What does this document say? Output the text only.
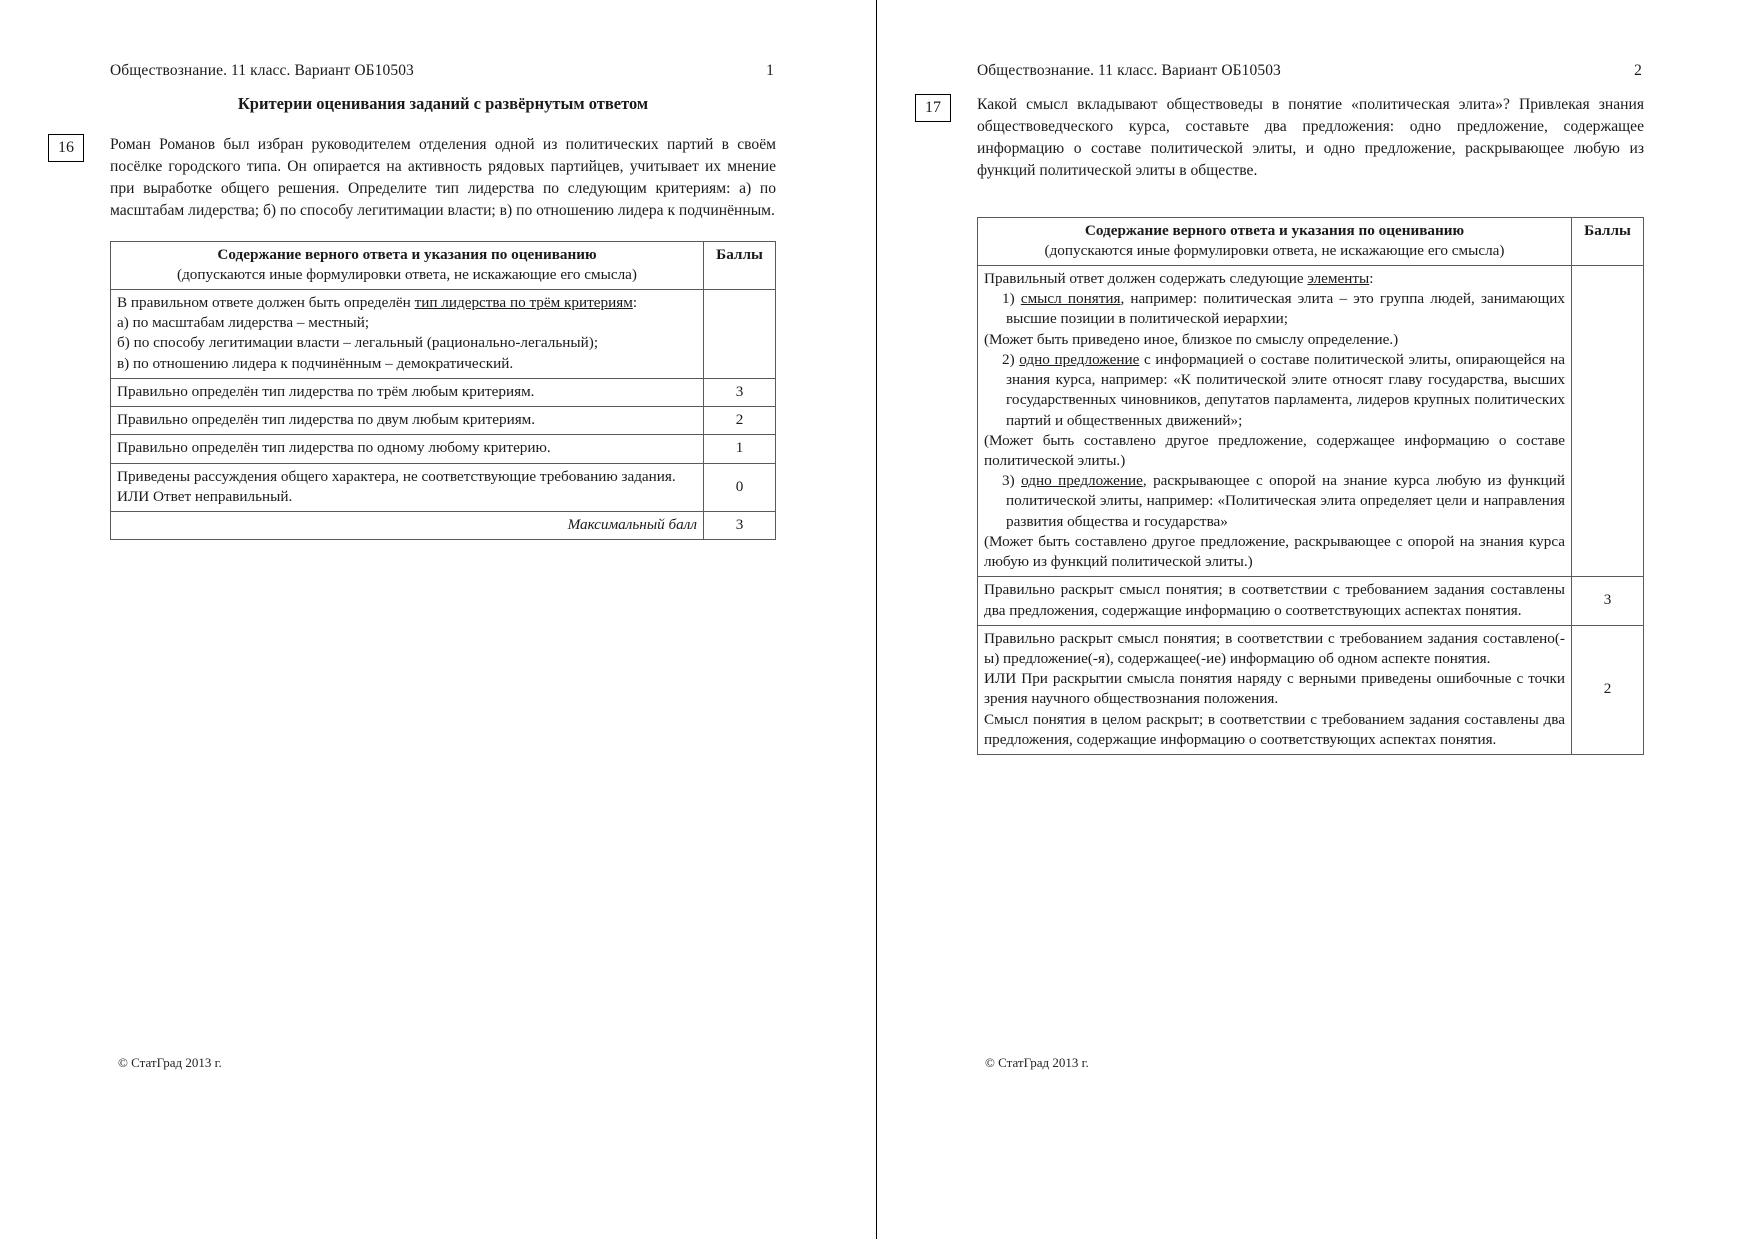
Обществознание. 11 класс. Вариант ОБ10503	1
Критерии оценивания заданий с развёрнутым ответом
16	Роман Романов был избран руководителем отделения одной из политических партий в своём посёлке городского типа. Он опирается на активность рядовых партийцев, учитывает их мнение при выработке общего решения. Определите тип лидерства по следующим критериям: а) по масштабам лидерства; б) по способу легитимации власти; в) по отношению лидера к подчинённым.

Содержание верного ответа и указания по оцениванию
(допускаются иные формулировки ответа, не искажающие его смысла)	Баллы

В правильном ответе должен быть определён тип лидерства по трём критериям:
а) по масштабам лидерства – местный;
б) по способу легитимации власти – легальный (рационально-легальный);
в) по отношению лидера к подчинённым – демократический.	

Правильно определён тип лидерства по трём любым критериям.	3
Правильно определён тип лидерства по двум любым критериям.	2
Правильно определён тип лидерства по одному любому критерию.	1

Приведены рассуждения общего характера, не соответствующие требованию задания.
ИЛИ Ответ неправильный.	0
Максимальный балл	3
© СтатГрад 2013 г.
Обществознание. 11 класс. Вариант ОБ10503	2
17	Какой смысл вкладывают обществоведы в понятие «политическая элита»? Привлекая знания обществоведческого курса, составьте два предложения: одно предложение, содержащее информацию о составе политической элиты, и одно предложение, раскрывающее любую из функций политической элиты в обществе.

Содержание верного ответа и указания по оцениванию
(допускаются иные формулировки ответа, не искажающие его смысла)	Баллы

Правильный ответ должен содержать следующие элементы:
1) смысл понятия, например: политическая элита – это группа людей, занимающих высшие позиции в политической иерархии;
(Может быть приведено иное, близкое по смыслу определение.)
2) одно предложение с информацией о составе политической элиты, опирающейся на знания курса, например: «К политической элите относят главу государства, высших государственных чиновников, депутатов парламента, лидеров крупных политических партий и общественных движений»;
(Может быть составлено другое предложение, содержащее информацию о составе политической элиты.)
3) одно предложение, раскрывающее с опорой на знание курса любую из функций политической элиты, например: «Политическая элита определяет цели и направления развития общества и государства»
(Может быть составлено другое предложение, раскрывающее с опорой на знания курса любую из функций политической элиты.)

Правильно раскрыт смысл понятия; в соответствии с требованием задания составлены два предложения, содержащие информацию о соответствующих аспектах понятия.	3

Правильно раскрыт смысл понятия; в соответствии с требованием задания составлено(-ы) предложение(-я), содержащее(-ие) информацию об одном аспекте понятия.
ИЛИ При раскрытии смысла понятия наряду с верными приведены ошибочные с точки зрения научного обществознания положения.
Смысл понятия в целом раскрыт; в соответствии с требованием задания составлены два предложения, содержащие информацию о соответствующих аспектах понятия.	2
© СтатГрад 2013 г.
